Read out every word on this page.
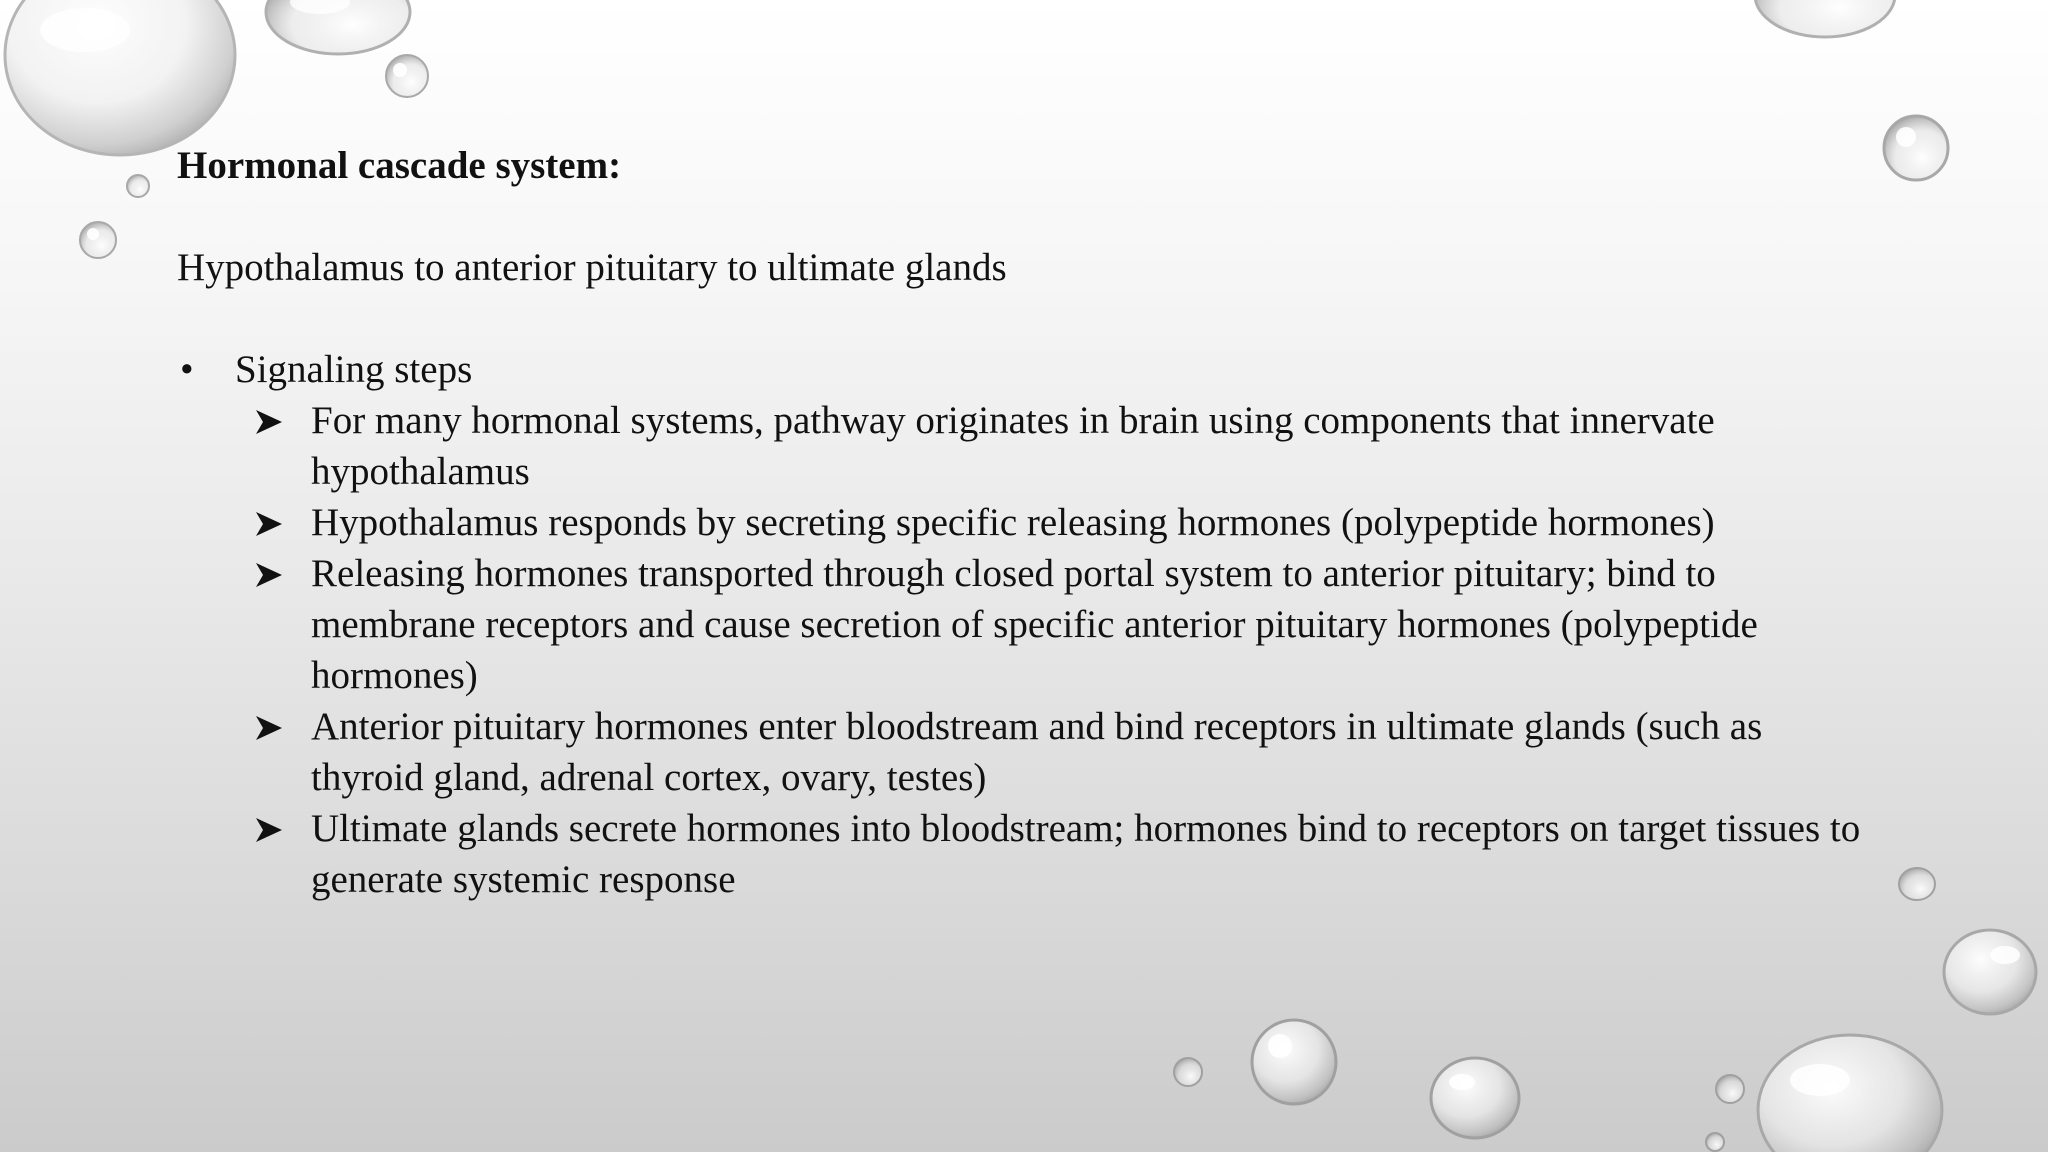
Hormonal cascade system:

Hypothalamus to anterior pituitary to ultimate glands

•	Signaling steps
For many hormonal systems, pathway originates in brain using components that innervate hypothalamus
Hypothalamus responds by secreting specific releasing hormones (polypeptide hormones)
Releasing hormones transported through closed portal system to anterior pituitary; bind to membrane receptors and cause secretion of specific anterior pituitary hormones (polypeptide hormones)
Anterior pituitary hormones enter bloodstream and bind receptors in ultimate glands (such as thyroid gland, adrenal cortex, ovary, testes)
Ultimate glands secrete hormones into bloodstream; hormones bind to receptors on target tissues to generate systemic response
